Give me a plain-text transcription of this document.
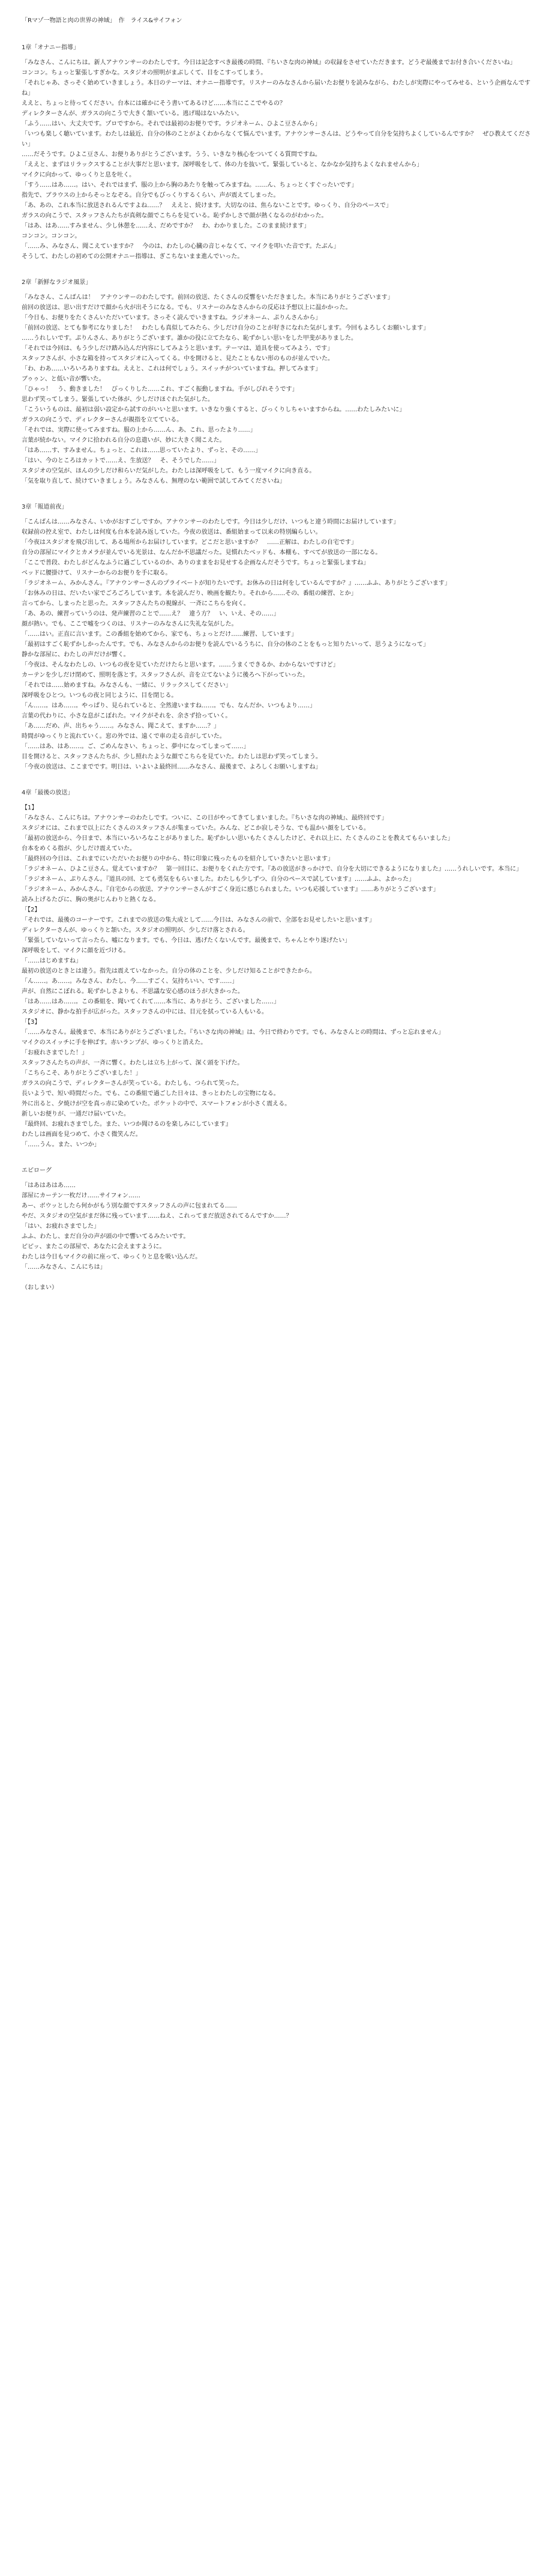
「Rマゾ一物語と肉の世界の神域」　作　ライス&サイフォン
1章「オナニー指導」

「みなさん、こんにちは。新人アナウンサーのわたしです。今日は記念すべき最後の時間、『ちいさな肉の神域』の収録をさせていただきます。どうぞ最後までお付き合いくださいね」

コンコン。ちょっと緊張しすぎかな。スタジオの照明がまぶしくて、目をこすってしまう。

「それじゃあ、さっそく始めていきましょう。本日のテーマは、オナニー指導です。リスナーのみなさんから届いたお便りを読みながら、わたしが実際にやってみせる、という企画なんですね」

ええと、ちょっと待ってください。台本には確かにそう書いてあるけど……本当にここでやるの？

ディレクターさんが、ガラスの向こうで大きく頷いている。逃げ場はないみたい。

「ふう……はい、大丈夫です。プロですから。それでは最初のお便りです。ラジオネーム、ひよこ豆さんから」

「いつも楽しく聴いています。わたしは最近、自分の体のことがよくわからなくて悩んでいます。アナウンサーさんは、どうやって自分を気持ちよくしているんですか？　ぜひ教えてください」

……だそうです。ひよこ豆さん、お便りありがとうございます。うう、いきなり核心をついてくる質問ですね。

「ええと、まずはリラックスすることが大事だと思います。深呼吸をして、体の力を抜いて。緊張していると、なかなか気持ちよくなれませんから」

マイクに向かって、ゆっくりと息を吐く。

「すう……はあ……。はい、それではまず、服の上から胸のあたりを触ってみますね。……ん、ちょっとくすぐったいです」

指先で、ブラウスの上からそっとなぞる。自分でもびっくりするくらい、声が震えてしまった。

「あ、あの、これ本当に放送されるんですよね……？　ええと、続けます。大切なのは、焦らないことです。ゆっくり、自分のペースで」

ガラスの向こうで、スタッフさんたちが真剣な顔でこちらを見ている。恥ずかしさで顔が熱くなるのがわかった。

「はあ、はあ……すみません、少し休憩を……え、だめですか？　わ、わかりました。このまま続けます」

コンコン。コンコン。

「……み、みなさん、聞こえていますか？　今のは、わたしの心臓の音じゃなくて、マイクを叩いた音です。たぶん」

そうして、わたしの初めての公開オナニー指導は、ぎこちないまま進んでいった。

2章「新鮮なラジオ風景」

「みなさん、こんばんは！　アナウンサーのわたしです。前回の放送、たくさんの反響をいただきました。本当にありがとうございます」

前回の放送は、思い出すだけで顔から火が出そうになる。でも、リスナーのみなさんからの反応は予想以上に温かかった。

「今日も、お便りをたくさんいただいています。さっそく読んでいきますね。ラジオネーム、ぷりんさんから」

「前回の放送、とても参考になりました！　わたしも真似してみたら、少しだけ自分のことが好きになれた気がします。今回もよろしくお願いします」

……うれしいです。ぷりんさん、ありがとうございます。誰かの役に立てたなら、恥ずかしい思いをした甲斐がありました。

「それでは今回は、もう少しだけ踏み込んだ内容にしてみようと思います。テーマは、道具を使ってみよう、です」

スタッフさんが、小さな箱を持ってスタジオに入ってくる。中を開けると、見たこともない形のものが並んでいた。

「わ、わあ……いろいろありますね。ええと、これは何でしょう。スイッチがついていますね。押してみます」

ブゥゥン、と低い音が響いた。

「ひゃっ！　う、動きました！　びっくりした……これ、すごく振動しますね。手がしびれそうです」

思わず笑ってしまう。緊張していた体が、少しだけほぐれた気がした。

「こういうものは、最初は弱い設定から試すのがいいと思います。いきなり強くすると、びっくりしちゃいますからね。……わたしみたいに」

ガラスの向こうで、ディレクターさんが親指を立てている。

「それでは、実際に使ってみますね。服の上から……ん、あ、これ、思ったより……」

言葉が続かない。マイクに拾われる自分の息遣いが、妙に大きく聞こえた。

「はあ……す、すみません。ちょっと、これは……思っていたより、ずっと、その……」

「はい、今のところはカットで……え、生放送？　そ、そうでした……」

スタジオの空気が、ほんの少しだけ和らいだ気がした。わたしは深呼吸をして、もう一度マイクに向き直る。

「気を取り直して、続けていきましょう。みなさんも、無理のない範囲で試してみてくださいね」

3章「報道前夜」

「こんばんは……みなさん、いかがおすごしですか。アナウンサーのわたしです。今日は少しだけ、いつもと違う時間にお届けしています」

収録前の控え室で、わたしは何度も台本を読み返していた。今夜の放送は、番組始まって以来の特別編らしい。

「今夜はスタジオを飛び出して、ある場所からお届けしています。どこだと思いますか？　……正解は、わたしの自宅です」

自分の部屋にマイクとカメラが並んでいる光景は、なんだか不思議だった。見慣れたベッドも、本棚も、すべてが放送の一部になる。

「ここで普段、わたしがどんなふうに過ごしているのか、ありのままをお見せする企画なんだそうです。ちょっと緊張しますね」

ベッドに腰掛けて、リスナーからのお便りを手に取る。

「ラジオネーム、みかんさん。『アナウンサーさんのプライベートが知りたいです。お休みの日は何をしているんですか？』……ふふ、ありがとうございます」

「お休みの日は、だいたい家でごろごろしています。本を読んだり、映画を観たり。それから……その、番組の練習、とか」

言ってから、しまったと思った。スタッフさんたちの視線が、一斉にこちらを向く。

「あ、あの、練習っていうのは、発声練習のことで……え？　違う方？　い、いえ、その……」

顔が熱い。でも、ここで嘘をつくのは、リスナーのみなさんに失礼な気がした。

「……はい。正直に言います。この番組を始めてから、家でも、ちょっとだけ……練習、しています」

「最初はすごく恥ずかしかったんです。でも、みなさんからのお便りを読んでいるうちに、自分の体のことをもっと知りたいって、思うようになって」

静かな部屋に、わたしの声だけが響く。

「今夜は、そんなわたしの、いつもの夜を見ていただけたらと思います。……うまくできるか、わからないですけど」

カーテンを少しだけ閉めて、照明を落とす。スタッフさんが、音を立てないように後ろへ下がっていった。

「それでは……始めますね。みなさんも、一緒に、リラックスしてください」

深呼吸をひとつ。いつもの夜と同じように、目を閉じる。

「ん……。はあ……。やっぱり、見られていると、全然違いますね……。でも、なんだか、いつもより……」

言葉の代わりに、小さな息がこぼれた。マイクがそれを、余さず拾っていく。

「あ……だめ、声、出ちゃう……。みなさん、聞こえて、ますか……？」

時間がゆっくりと流れていく。窓の外では、遠くで車の走る音がしていた。

「……はあ、はあ……。ご、ごめんなさい、ちょっと、夢中になってしまって……」

目を開けると、スタッフさんたちが、少し照れたような顔でこちらを見ていた。わたしは思わず笑ってしまう。

「今夜の放送は、ここまでです。明日は、いよいよ最終回……みなさん、最後まで、よろしくお願いしますね」

4章「最後の放送」

【1】

「みなさん、こんにちは。アナウンサーのわたしです。ついに、この日がやってきてしまいました。『ちいさな肉の神域』、最終回です」

スタジオには、これまで以上にたくさんのスタッフさんが集まっていた。みんな、どこか寂しそうな、でも温かい顔をしている。

「最初の放送から、今日まで、本当にいろいろなことがありました。恥ずかしい思いもたくさんしたけど、それ以上に、たくさんのことを教えてもらいました」

台本をめくる指が、少しだけ震えていた。

「最終回の今日は、これまでにいただいたお便りの中から、特に印象に残ったものを紹介していきたいと思います」

「ラジオネーム、ひよこ豆さん。覚えていますか？　第一回目に、お便りをくれた方です。『あの放送がきっかけで、自分を大切にできるようになりました』……うれしいです。本当に」

「ラジオネーム、ぷりんさん。『道具の回、とても勇気をもらいました。わたしも少しずつ、自分のペースで試しています』……ふふ、よかった」

「ラジオネーム、みかんさん。『自宅からの放送、アナウンサーさんがすごく身近に感じられました。いつも応援しています』……ありがとうございます」

読み上げるたびに、胸の奥がじんわりと熱くなる。

「【2】

「それでは、最後のコーナーです。これまでの放送の集大成として……今日は、みなさんの前で、全部をお見せしたいと思います」

ディレクターさんが、ゆっくりと頷いた。スタジオの照明が、少しだけ落とされる。

「緊張していないって言ったら、嘘になります。でも、今日は、逃げたくないんです。最後まで、ちゃんとやり遂げたい」

深呼吸をして、マイクに顔を近づける。

「……はじめますね」

最初の放送のときとは違う。指先は震えていなかった。自分の体のことを、少しだけ知ることができたから。

「ん……。あ……。みなさん、わたし、今……すごく、気持ちいい、です……」

声が、自然にこぼれる。恥ずかしさよりも、不思議な安心感のほうが大きかった。

「はあ……はあ……。この番組を、聞いてくれて……本当に、ありがとう、ございました……」

スタジオに、静かな拍手が広がった。スタッフさんの中には、目元を拭っている人もいる。

「【3】

「……みなさん。最後まで、本当にありがとうございました。『ちいさな肉の神域』は、今日で終わりです。でも、みなさんとの時間は、ずっと忘れません」

マイクのスイッチに手を伸ばす。赤いランプが、ゆっくりと消えた。

「お疲れさまでした！」

スタッフさんたちの声が、一斉に響く。わたしは立ち上がって、深く頭を下げた。

「こちらこそ、ありがとうございました！」

ガラスの向こうで、ディレクターさんが笑っている。わたしも、つられて笑った。

長いようで、短い時間だった。でも、この番組で過ごした日々は、きっとわたしの宝物になる。

外に出ると、夕焼けが空を真っ赤に染めていた。ポケットの中で、スマートフォンが小さく震える。

新しいお便りが、一通だけ届いていた。

『最終回、お疲れさまでした。また、いつか聞けるのを楽しみにしています』

わたしは画面を見つめて、小さく微笑んだ。

「……うん。また、いつか」

エピローグ

「はあはあはあ……

部屋にカーテン一枚だけ……サイフォン……

あー、ボウッとしたら何かがもう別な顔ですスタッフさんの声に包まれてる……

やだ、スタジオの空気がまだ体に残っています……ねえ、これってまだ放送されてるんですか……？

「はい、お疲れさまでした」

ふふ、わたし、まだ自分の声が頭の中で響いてるみたいです。

ピピッ、またこの部屋で、あなたに会えますように。

わたしは今日もマイクの前に座って、ゆっくりと息を吸い込んだ。

「……みなさん、こんにちは」

（おしまい）
